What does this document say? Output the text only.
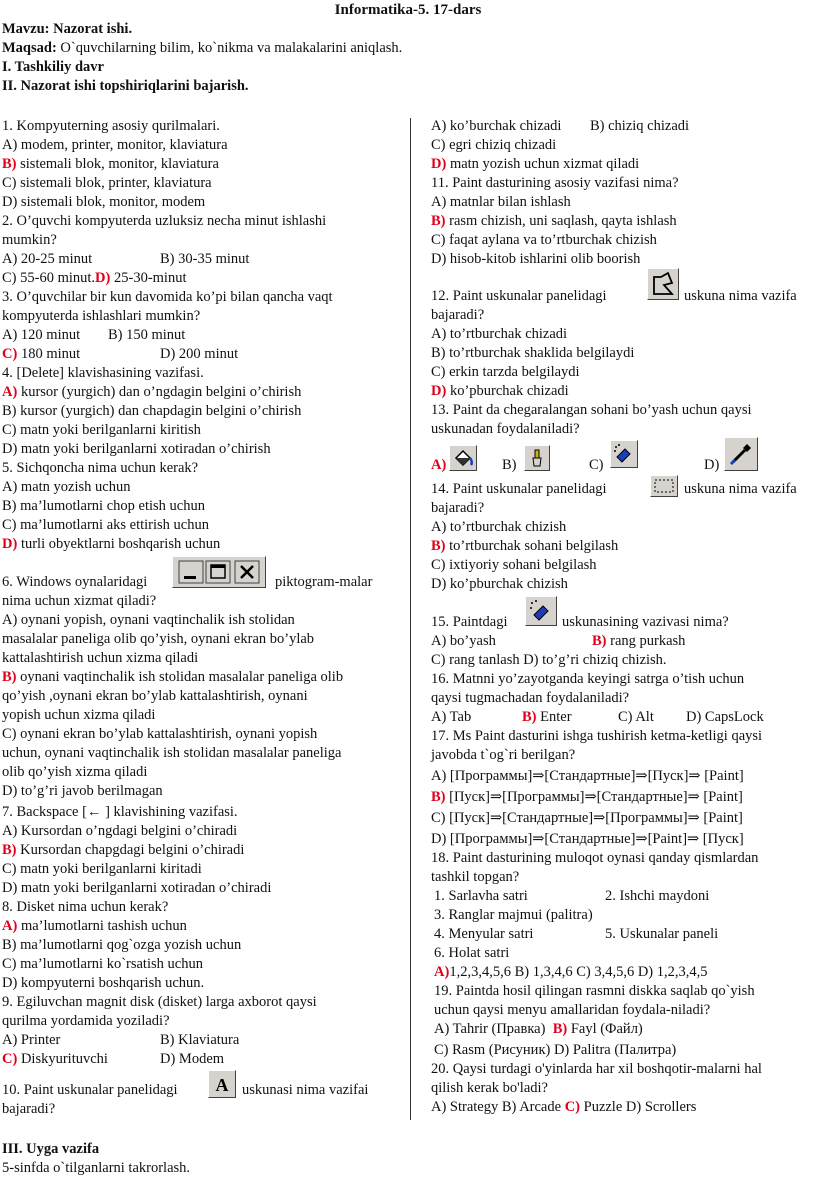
Informatika-5. 17-dars
Mavzu: Nazorat ishi.
Maqsad: O`quvchilarning bilim, ko`nikma va malakalarini aniqlash.
I. Tashkiliy davr
II. Nazorat ishi topshiriqlarini bajarish.
1. Kompyuterning asosiy qurilmalari.
A) modem, printer, monitor, klaviatura
B) sistemali blok, monitor, klaviatura
C) sistemali blok, printer, klaviatura
D) sistemali blok, monitor, modem
2. O’quvchi kompyuterda uzluksiz necha minut ishlashi
mumkin?
A) 20-25 minut	B) 30-35 minut
C) 55-60 minut.D) 25-30-minut
3. O’quvchilar bir kun davomida ko’pi bilan qancha vaqt
kompyuterda ishlashlari mumkin?
A) 120 minut B) 150 minut
C) 180 minut	D) 200 minut
4. [Delete] klavishasining vazifasi.
A) kursor (yurgich) dan o’ngdagin belgini o’chirish
B) kursor (yurgich) dan chapdagin belgini o’chirish
C) matn yoki berilganlarni kiritish
D) matn yoki berilganlarni xotiradan o’chirish
5. Sichqoncha nima uchun kerak?
A) matn yozish uchun
B) ma’lumotlarni chop etish uchun
C) ma’lumotlarni aks ettirish uchun
D) turli obyektlarni boshqarish uchun
6. Windows oynalaridagi	piktogram-malar
nima uchun xizmat qiladi?
A) oynani yopish, oynani vaqtinchalik ish stolidan
masalalar paneliga olib qo’yish, oynani ekran bo’ylab
kattalashtirish uchun xizma qiladi
B) oynani vaqtinchalik ish stolidan masalalar paneliga olib
qo’yish ,oynani ekran bo’ylab kattalashtirish, oynani
yopish uchun xizma qiladi
C) oynani ekran bo’ylab kattalashtirish, oynani yopish
uchun, oynani vaqtinchalik ish stolidan masalalar paneliga
olib qo’yish xizma qiladi
D) to’g’ri javob berilmagan
7. Backspace [← ] klavishining vazifasi.
A) Kursordan o’ngdagi belgini o’chiradi
B) Kursordan chapgdagi belgini o’chiradi
C) matn yoki berilganlarni kiritadi
D) matn yoki berilganlarni xotiradan o’chiradi
8. Disket nima uchun kerak?
A) ma’lumotlarni tashish uchun
B) ma’lumotlarni qog`ozga yozish uchun
C) ma’lumotlarni ko`rsatish uchun
D) kompyuterni boshqarish uchun.
9. Egiluvchan magnit disk (disket) larga axborot qaysi
qurilma yordamida yoziladi?
A) Printer	B) Klaviatura
C) Diskyurituvchi	D) Modem
10. Paint uskunalar panelidagi A uskunasi nima vazifai
bajaradi?
III. Uyga vazifa
5-sinfda o`tilganlarni takrorlash.
A) ko’burchak chizadi B) chiziq chizadi
C) egri chiziq chizadi
D) matn yozish uchun xizmat qiladi
11. Paint dasturining asosiy vazifasi nima?
A) matnlar bilan ishlash
B) rasm chizish, uni saqlash, qayta ishlash
C) faqat aylana va to’rtburchak chizish
D) hisob-kitob ishlarini olib boorish
12. Paint uskunalar panelidagi	uskuna nima vazifa
bajaradi?
A) to’rtburchak chizadi
B) to’rtburchak shaklida belgilaydi
C) erkin tarzda belgilaydi
D) ko’pburchak chizadi
13. Paint da chegaralangan sohani bo’yash uchun qaysi
uskunadan foydalaniladi?
A)	B)	C)	D)
14. Paint uskunalar panelidagi	uskuna nima vazifa
bajaradi?
A) to’rtburchak chizish
B) to’rtburchak sohani belgilash
C) ixtiyoriy sohani belgilash
D) ko’pburchak chizish
15. Paintdagi	uskunasining vazivasi nima?
A) bo’yash	B) rang purkash
C) rang tanlash D) to’g’ri chiziq chizish.
16. Matnni yo’zayotganda keyingi satrga o’tish uchun
qaysi tugmachadan foydalaniladi?
A) Tab	B) Enter	C) Alt D) CapsLock
17. Ms Paint dasturini ishga tushirish ketma-ketligi qaysi
javobda t`og`ri berilgan?
A) [Программы]⇒[Стандартные]⇒[Пуск]⇒ [Paint]
B) [Пуск]⇒[Программы]⇒[Стандартные]⇒ [Paint]
C) [Пуск]⇒[Стандартные]⇒[Программы]⇒ [Paint]
D) [Программы]⇒[Стандартные]⇒[Paint]⇒ [Пуск]
18. Paint dasturining muloqot oynasi qanday qismlardan
tashkil topgan?
1. Sarlavha satri	2. Ishchi maydoni
3. Ranglar majmui (palitra)
4. Menyular satri	5. Uskunalar paneli
6. Holat satri
A)1,2,3,4,5,6 B) 1,3,4,6 C) 3,4,5,6 D) 1,2,3,4,5
19. Paintda hosil qilingan rasmni diskka saqlab qo`yish
uchun qaysi menyu amallaridan foydala-niladi?
A) Tahrir (Правка) B) Fayl (Файл)
C) Rasm (Рисуник) D) Palitra (Палитра)
20. Qaysi turdagi o'yinlarda har xil boshqotir-malarni hal
qilish kerak bo'ladi?
A) Strategy B) Arcade C) Puzzle D) Scrollers
